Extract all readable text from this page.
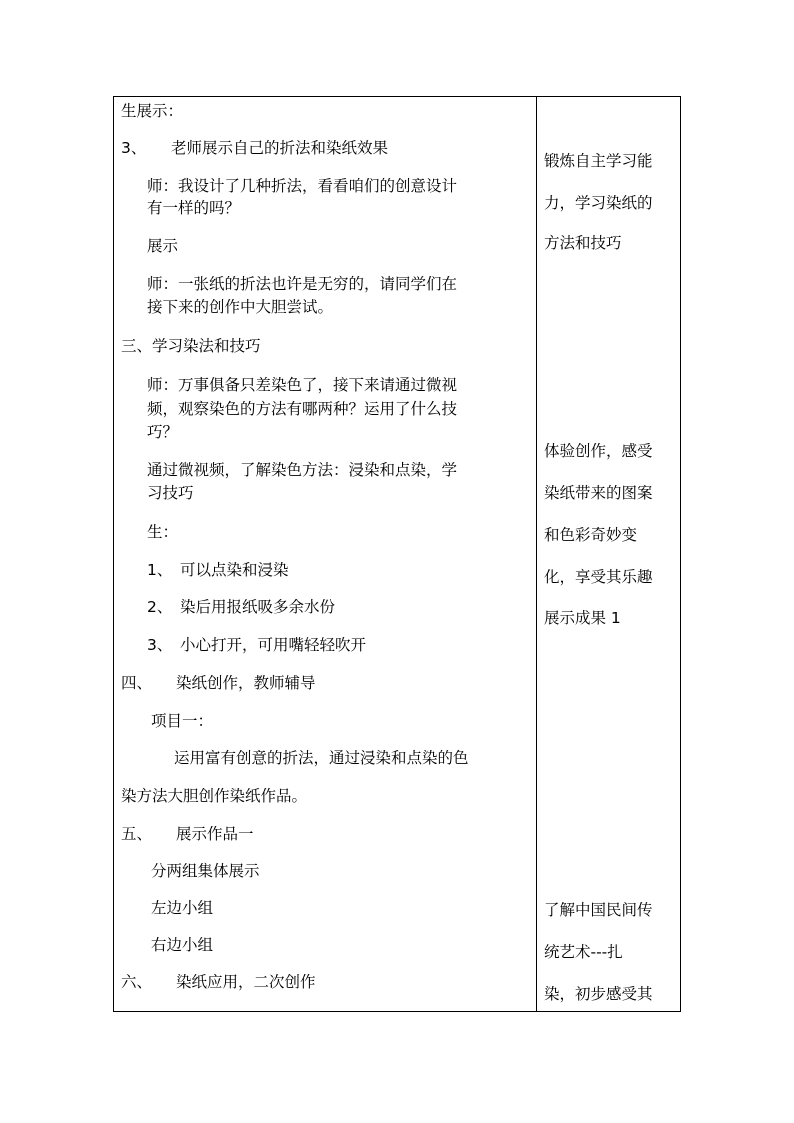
生展示：
3、 老师展示自己的折法和染纸效果
师：我设计了几种折法，看看咱们的创意设计
有一样的吗？
展示
师：一张纸的折法也许是无穷的，请同学们在
接下来的创作中大胆尝试。
三、学习染法和技巧
师：万事俱备只差染色了，接下来请通过微视
频，观察染色的方法有哪两种？运用了什么技
巧？
通过微视频，了解染色方法：浸染和点染，学
习技巧
生：
1、 可以点染和浸染
2、 染后用报纸吸多余水份
3、 小心打开，可用嘴轻轻吹开
四、 染纸创作，教师辅导
项目一：
运用富有创意的折法，通过浸染和点染的色
染方法大胆创作染纸作品。
五、 展示作品一
分两组集体展示
左边小组
右边小组
六、 染纸应用，二次创作
锻炼自主学习能
力，学习染纸的
方法和技巧
体验创作，感受
染纸带来的图案
和色彩奇妙变
化，享受其乐趣
展示成果 1
了解中国民间传
统艺术---扎
染，初步感受其
